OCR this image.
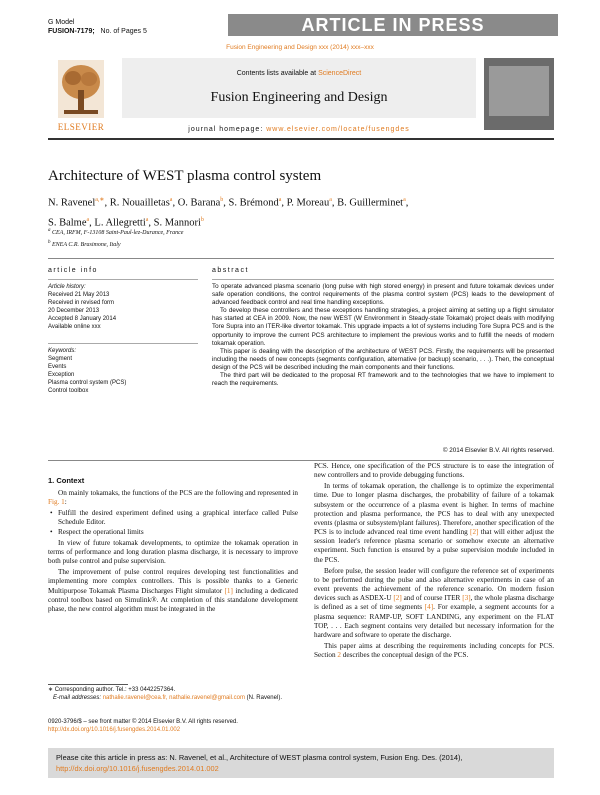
G Model
FUSION-7179; No. of Pages 5	ARTICLE IN PRESS
Fusion Engineering and Design xxx (2014) xxx–xxx
ELSEVIER
Contents lists available at ScienceDirect
Fusion Engineering and Design
journal homepage: www.elsevier.com/locate/fusengdes
Architecture of WEST plasma control system
N. Ravenel$^{a,∗}$, R. Nouailletas$^a$, O. Barana$^b$, S. Brémond$^a$, P. Moreau$^a$, B. Guillerminet$^a$,
S. Balme$^a$, L. Allegretti$^a$, S. Mannori$^b$
$^a$ CEA, IRFM, F-13108 Saint-Paul-lez-Durance, France
$^b$ ENEA C.R. Brasimone, Italy
article info
Article history:
Received 21 May 2013
Received in revised form
20 December 2013
Accepted 8 January 2014
Available online xxx
Keywords:
Segment
Events
Exception
Plasma control system (PCS)
Control toolbox
abstract

To operate advanced plasma scenario (long pulse with high stored energy) in present and future tokamak devices under safe operation conditions, the control requirements of the plasma control system (PCS) leads to the development of advanced feedback control and real time handling exceptions.

To develop these controllers and these exceptions handling strategies, a project aiming at setting up a flight simulator has started at CEA in 2009. Now, the new WEST (W Environment in Steady-state Tokamak) project deals with modifying Tore Supra into an ITER-like divertor tokamak. This upgrade impacts a lot of systems including Tore Supra PCS and is the opportunity to improve the current PCS architecture to implement the previous works and to fulfill the needs of modern tokamak operation.

This paper is dealing with the description of the architecture of WEST PCS. Firstly, the requirements will be presented including the needs of new concepts (segments configuration, alternative (or backup) scenario, . . .). Then, the conceptual design of the PCS will be described including the main components and their functions.

The third part will be dedicated to the proposal RT framework and to the technologies that we have to implement to reach the requirements.

© 2014 Elsevier B.V. All rights reserved.
1. Context

On mainly tokamaks, the functions of the PCS are the following and represented in Fig. 1:

• Fulfill the desired experiment defined using a graphical interface called Pulse Schedule Editor.
• Respect the operational limits

In view of future tokamak developments, to optimize the tokamak operation in terms of performance and long duration plasma discharge, it is necessary to improve both pulse control and pulse supervision.

The improvement of pulse control requires developing test functionalities and implementing more complex controllers. This is possible thanks to a Generic Multipurpose Tokamak Plasma Discharges Flight simulator [1] including a dedicated control toolbox based on Simulink®. At completion of this standalone development phase, the new control algorithm must be integrated in the

PCS. Hence, one specification of the PCS structure is to ease the integration of new controllers and to provide debugging functions.

In terms of tokamak operation, the challenge is to optimize the experimental time. Due to longer plasma discharges, the probability of failure of a tokamak subsystem or the occurrence of a plasma event is higher. In terms of machine protection and plasma performance, the PCS has to deal with any unexpected events (plasma or subsystem/plant failures). Therefore, another specification of the PCS is to include advanced real time event handling [2] that will either adjust the session leader's reference plasma scenario or somehow execute an alternative experiment. Such function is ensured by a pulse supervision module included in the PCS.

Before pulse, the session leader will configure the reference set of experiments to be performed during the pulse and also alternative experiments in case of an event prevents the achievement of the reference scenario. On modern fusion devices such as ASDEX-U [2] and of course ITER [3], the whole plasma discharge is defined as a set of time segments [4]. For example, a segment accounts for a plasma sequence: RAMP-UP, SOFT LANDING, any experiment on the FLAT TOP, . . . Each segment contains very detailed but necessary information for the hardware and software to operate the discharge.

This paper aims at describing the requirements including concepts for PCS. Section 2 describes the conceptual design of the PCS.

∗ Corresponding author. Tel.: +33 0442257364.
E-mail addresses: nathalie.ravenel@cea.fr, nathalie.ravenel@gmail.com (N. Ravenel).
0920-3796/$ – see front matter © 2014 Elsevier B.V. All rights reserved.
http://dx.doi.org/10.1016/j.fusengdes.2014.01.002
Please cite this article in press as: N. Ravenel, et al., Architecture of WEST plasma control system, Fusion Eng. Des. (2014),
http://dx.doi.org/10.1016/j.fusengdes.2014.01.002
